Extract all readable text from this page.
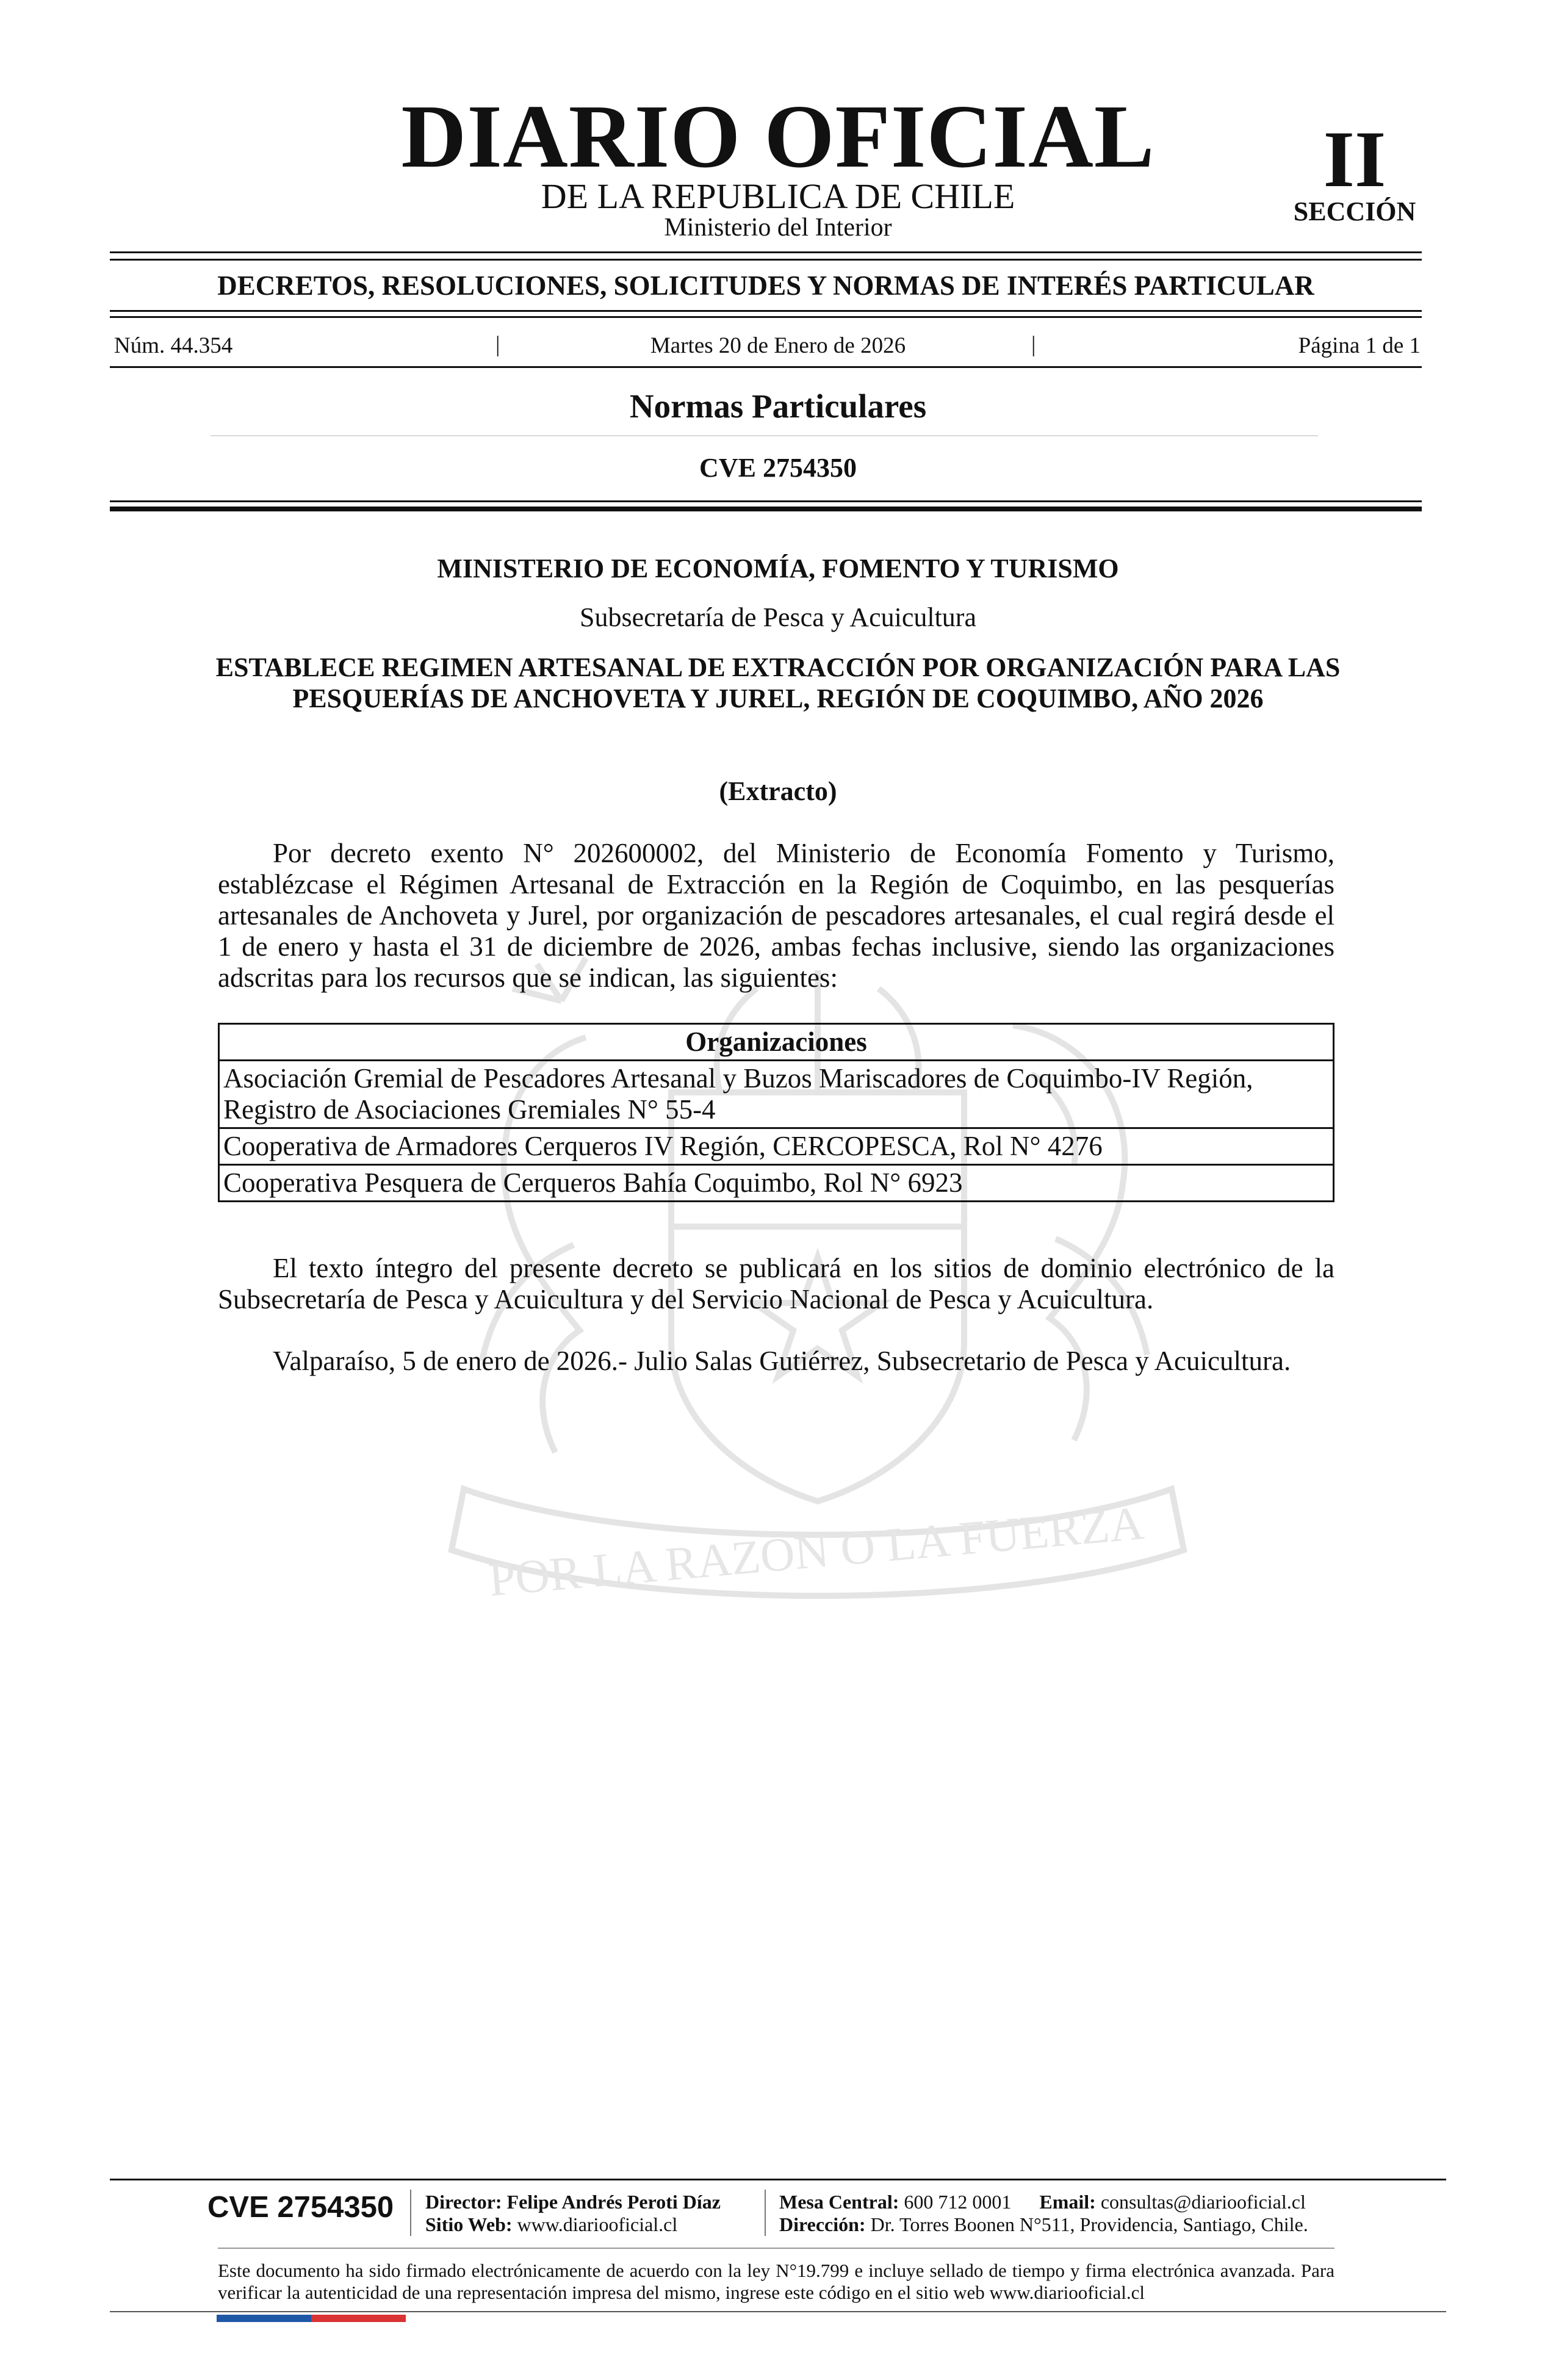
POR LA RAZON O LA FUERZA
DIARIO OFICIAL
DE LA REPUBLICA DE CHILE
Ministerio del Interior
II
SECCIÓN
DECRETOS, RESOLUCIONES, SOLICITUDES Y NORMAS DE INTERÉS PARTICULAR
Núm. 44.354	|	Martes 20 de Enero de 2026	|	Página 1 de 1
Normas Particulares
CVE 2754350
MINISTERIO DE ECONOMÍA, FOMENTO Y TURISMO
Subsecretaría de Pesca y Acuicultura
ESTABLECE REGIMEN ARTESANAL DE EXTRACCIÓN POR ORGANIZACIÓN PARA LAS PESQUERÍAS DE ANCHOVETA Y JUREL, REGIÓN DE COQUIMBO, AÑO 2026
(Extracto)
Por decreto exento N° 202600002, del Ministerio de Economía Fomento y Turismo, establézcase el Régimen Artesanal de Extracción en la Región de Coquimbo, en las pesquerías artesanales de Anchoveta y Jurel, por organización de pescadores artesanales, el cual regirá desde el 1 de enero y hasta el 31 de diciembre de 2026, ambas fechas inclusive, siendo las organizaciones adscritas para los recursos que se indican, las siguientes:
Organizaciones
Asociación Gremial de Pescadores Artesanal y Buzos Mariscadores de Coquimbo-IV Región, Registro de Asociaciones Gremiales N° 55-4
Cooperativa de Armadores Cerqueros IV Región, CERCOPESCA, Rol N° 4276
Cooperativa Pesquera de Cerqueros Bahía Coquimbo, Rol N° 6923
El texto íntegro del presente decreto se publicará en los sitios de dominio electrónico de la Subsecretaría de Pesca y Acuicultura y del Servicio Nacional de Pesca y Acuicultura.
Valparaíso, 5 de enero de 2026.- Julio Salas Gutiérrez, Subsecretario de Pesca y Acuicultura.
CVE 2754350 Director: Felipe Andrés Peroti Díaz
Sitio Web: www.diariooficial.cl
Mesa Central: 600 712 0001 Email: consultas@diariooficial.cl
Dirección: Dr. Torres Boonen N°511, Providencia, Santiago, Chile.
Este documento ha sido firmado electrónicamente de acuerdo con la ley N°19.799 e incluye sellado de tiempo y firma electrónica avanzada. Para verificar la autenticidad de una representación impresa del mismo, ingrese este código en el sitio web www.diariooficial.cl
